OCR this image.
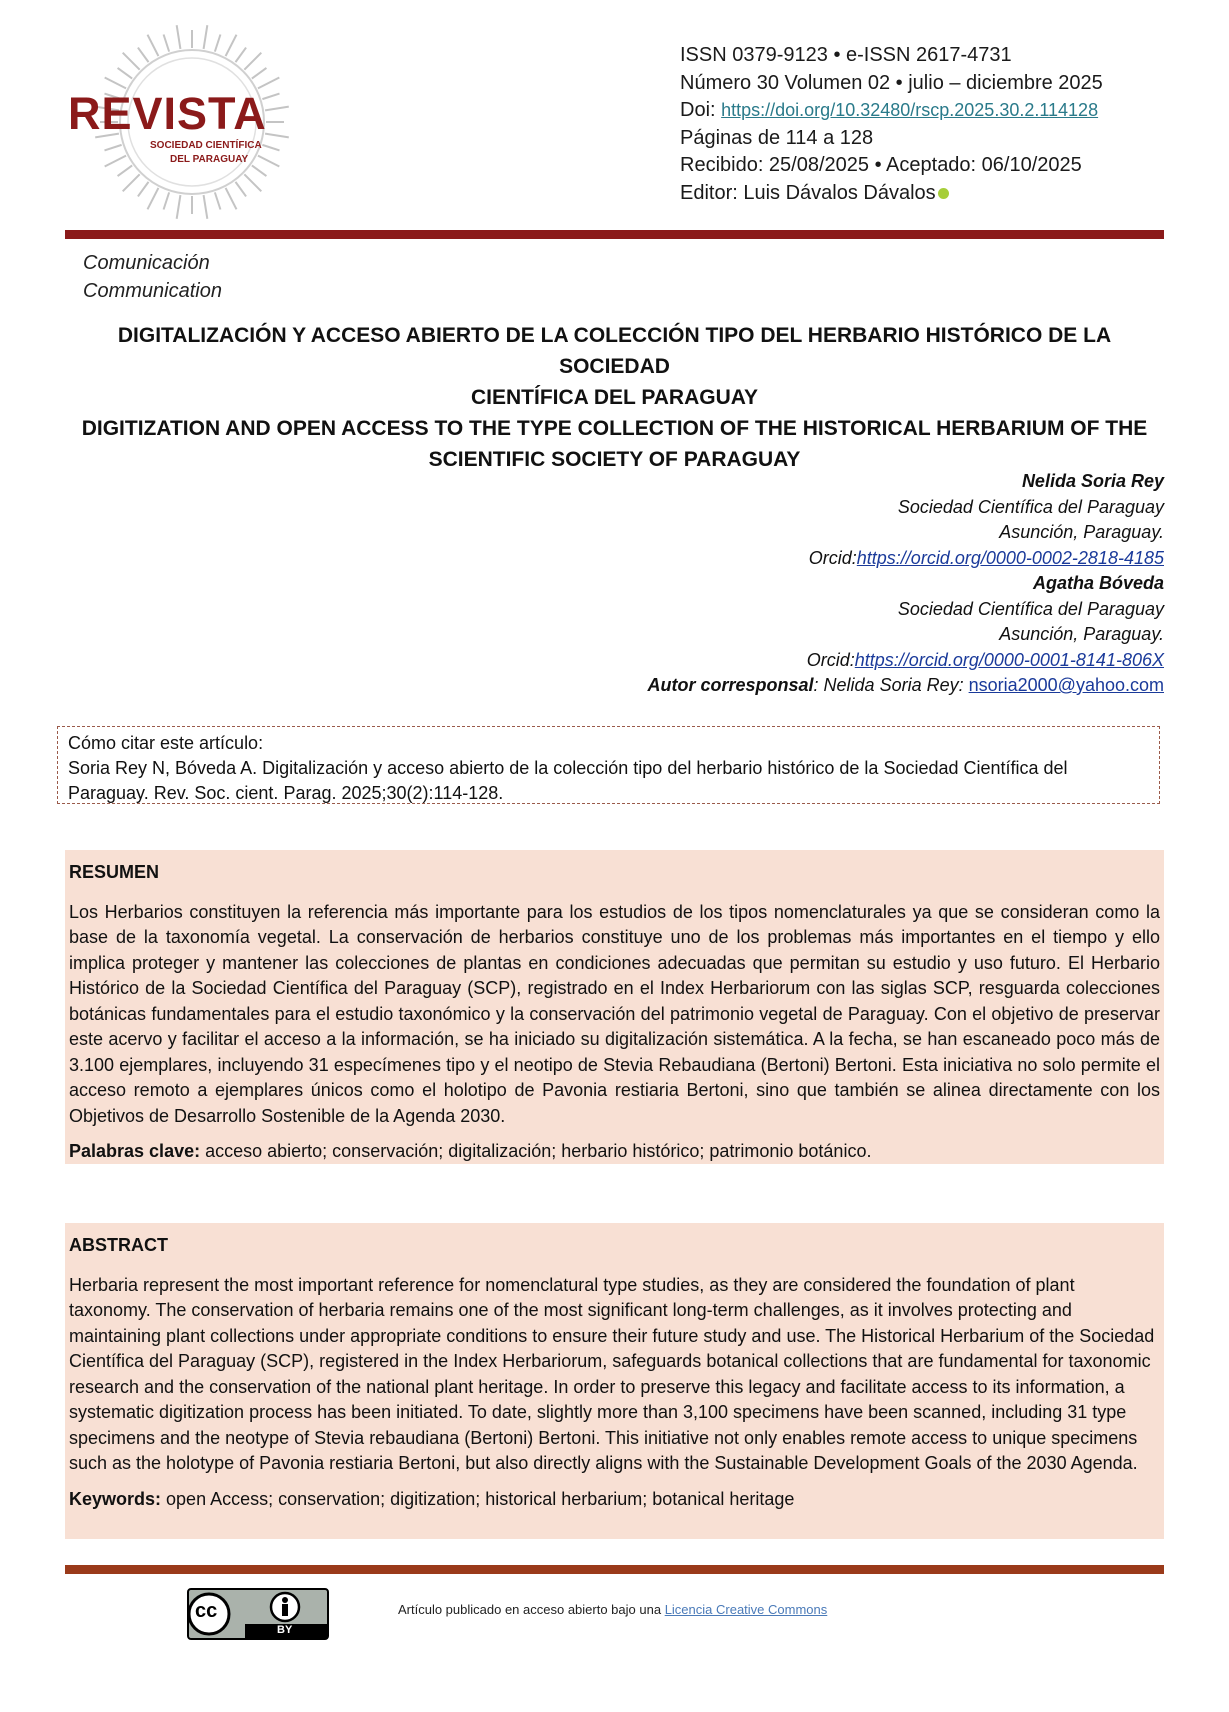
REVISTA
SOCIEDAD CIENTÍFICA
DEL PARAGUAY
ISSN 0379-9123 • e-ISSN 2617-4731
Número 30 Volumen 02 • julio – diciembre 2025
Doi: https://doi.org/10.32480/rscp.2025.30.2.114128
Páginas de 114 a 128
Recibido: 25/08/2025 • Aceptado: 06/10/2025
Editor: Luis Dávalos Dávalos
Comunicación
Communication
DIGITALIZACIÓN Y ACCESO ABIERTO DE LA COLECCIÓN TIPO DEL HERBARIO HISTÓRICO DE LA SOCIEDAD
CIENTÍFICA DEL PARAGUAY
DIGITIZATION AND OPEN ACCESS TO THE TYPE COLLECTION OF THE HISTORICAL HERBARIUM OF THE
SCIENTIFIC SOCIETY OF PARAGUAY
Nelida Soria Rey
Sociedad Científica del Paraguay
Asunción, Paraguay.
Orcid:https://orcid.org/0000-0002-2818-4185
Agatha Bóveda
Sociedad Científica del Paraguay
Asunción, Paraguay.
Orcid:https://orcid.org/0000-0001-8141-806X
Autor corresponsal: Nelida Soria Rey: nsoria2000@yahoo.com
Cómo citar este artículo:
Soria Rey N, Bóveda A. Digitalización y acceso abierto de la colección tipo del herbario histórico de la Sociedad Científica del Paraguay. Rev. Soc. cient. Parag. 2025;30(2):114-128.
RESUMEN
Los Herbarios constituyen la referencia más importante para los estudios de los tipos nomenclaturales ya que se consideran como la base de la taxonomía vegetal. La conservación de herbarios constituye uno de los problemas más importantes en el tiempo y ello implica proteger y mantener las colecciones de plantas en condiciones adecuadas que permitan su estudio y uso futuro. El Herbario Histórico de la Sociedad Científica del Paraguay (SCP), registrado en el Index Herbariorum con las siglas SCP, resguarda colecciones botánicas fundamentales para el estudio taxonómico y la conservación del patrimonio vegetal de Paraguay. Con el objetivo de preservar este acervo y facilitar el acceso a la información, se ha iniciado su digitalización sistemática. A la fecha, se han escaneado poco más de 3.100 ejemplares, incluyendo 31 especímenes tipo y el neotipo de Stevia Rebaudiana (Bertoni) Bertoni. Esta iniciativa no solo permite el acceso remoto a ejemplares únicos como el holotipo de Pavonia restiaria Bertoni, sino que también se alinea directamente con los Objetivos de Desarrollo Sostenible de la Agenda 2030.
Palabras clave: acceso abierto; conservación; digitalización; herbario histórico; patrimonio botánico.
ABSTRACT
Herbaria represent the most important reference for nomenclatural type studies, as they are considered the foundation of plant taxonomy. The conservation of herbaria remains one of the most significant long-term challenges, as it involves protecting and maintaining plant collections under appropriate conditions to ensure their future study and use. The Historical Herbarium of the Sociedad Científica del Paraguay (SCP), registered in the Index Herbariorum, safeguards botanical collections that are fundamental for taxonomic research and the conservation of the national plant heritage. In order to preserve this legacy and facilitate access to its information, a systematic digitization process has been initiated. To date, slightly more than 3,100 specimens have been scanned, including 31 type specimens and the neotype of Stevia rebaudiana (Bertoni) Bertoni. This initiative not only enables remote access to unique specimens such as the holotype of Pavonia restiaria Bertoni, but also directly aligns with the Sustainable Development Goals of the 2030 Agenda.
Keywords: open Access; conservation; digitization; historical herbarium; botanical heritage
cc
BY
Artículo publicado en acceso abierto bajo una Licencia Creative Commons
